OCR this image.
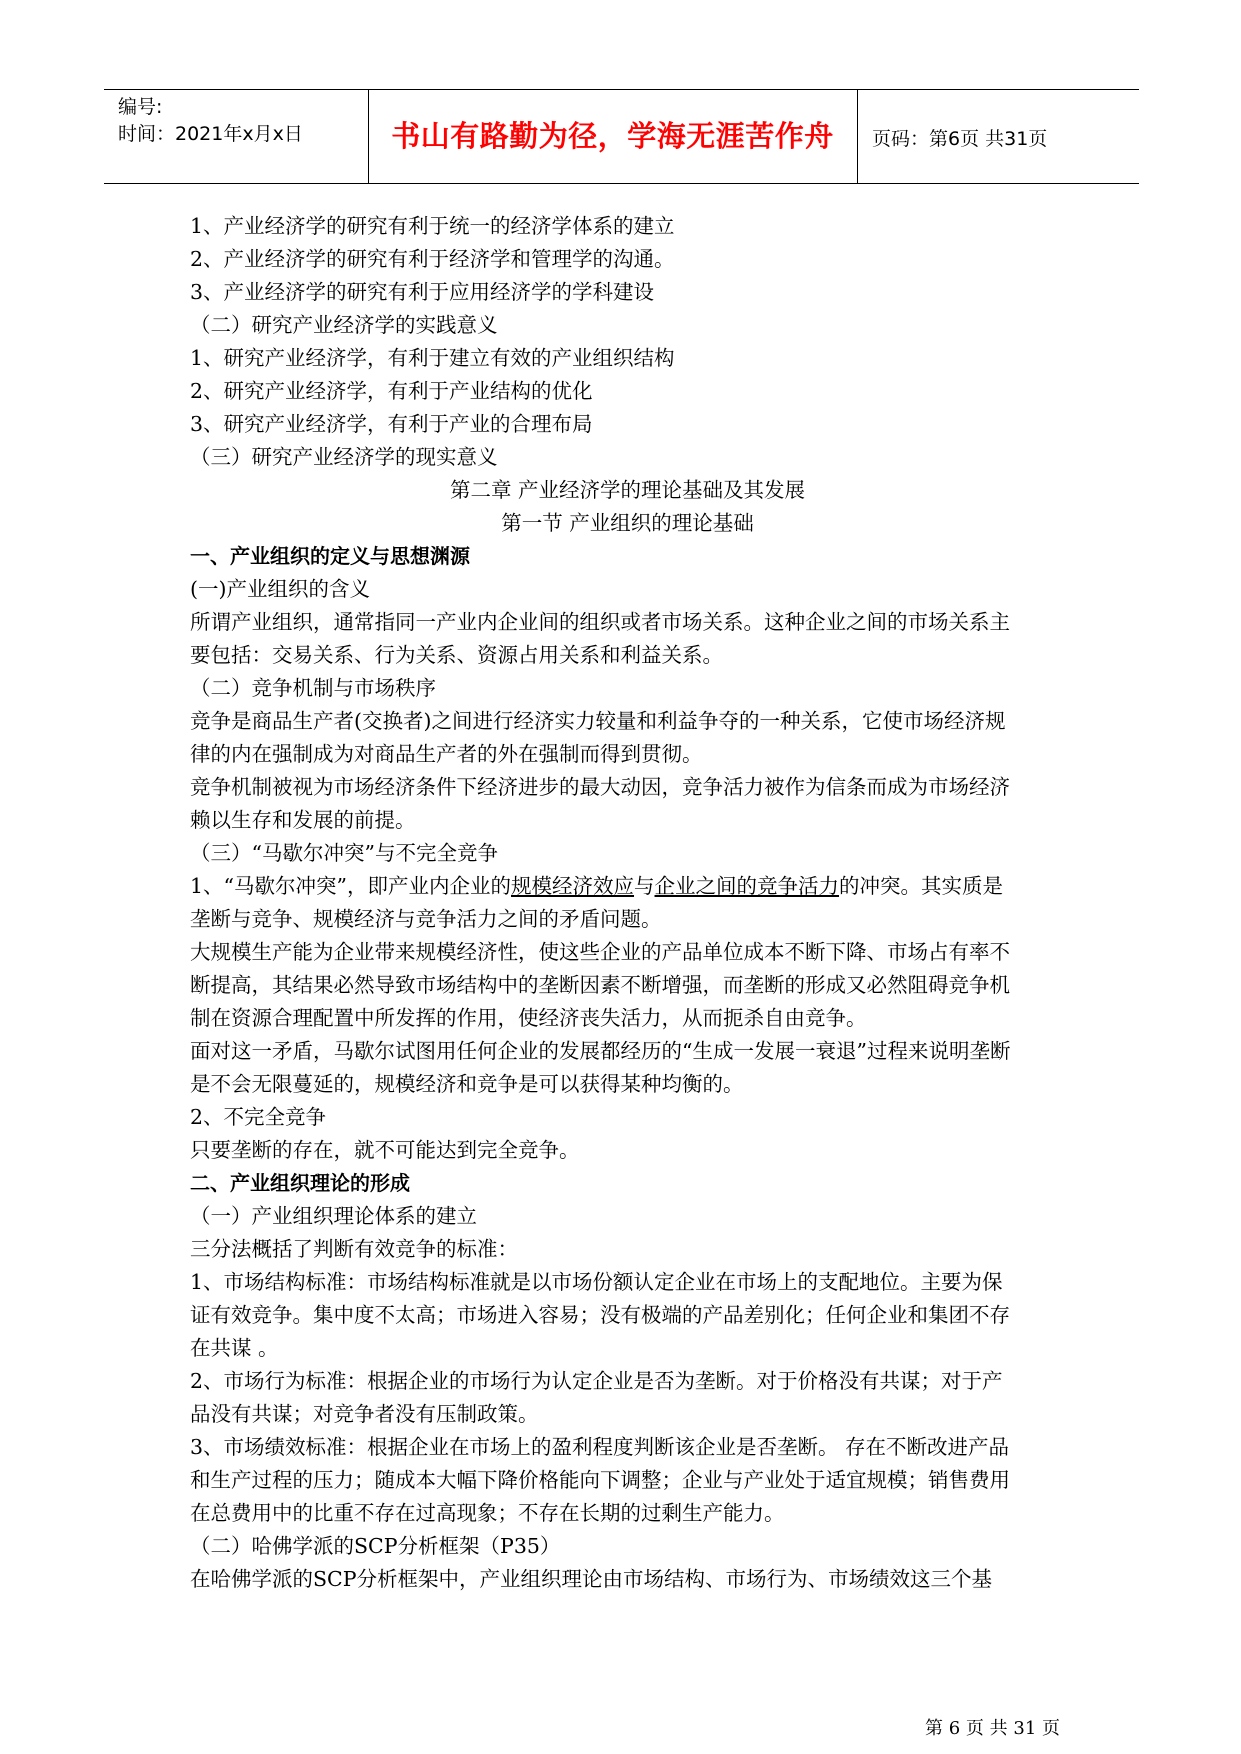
编号:
时间：2021年x月x日	书山有路勤为径，学海无涯苦作舟	页码：第6页 共31页
1、产业经济学的研究有利于统一的经济学体系的建立
2、产业经济学的研究有利于经济学和管理学的沟通。
3、产业经济学的研究有利于应用经济学的学科建设
（二）研究产业经济学的实践意义
1、研究产业经济学，有利于建立有效的产业组织结构
2、研究产业经济学，有利于产业结构的优化
3、研究产业经济学，有利于产业的合理布局
（三）研究产业经济学的现实意义
第二章 产业经济学的理论基础及其发展
第一节 产业组织的理论基础
一、产业组织的定义与思想渊源
(一)产业组织的含义
所谓产业组织，通常指同一产业内企业间的组织或者市场关系。这种企业之间的市场关系主
要包括：交易关系、行为关系、资源占用关系和利益关系。
（二）竞争机制与市场秩序
竞争是商品生产者(交换者)之间进行经济实力较量和利益争夺的一种关系，它使市场经济规
律的内在强制成为对商品生产者的外在强制而得到贯彻。
竞争机制被视为市场经济条件下经济进步的最大动因，竞争活力被作为信条而成为市场经济
赖以生存和发展的前提。
（三）“马歇尔冲突”与不完全竞争
1、“马歇尔冲突”，即产业内企业的规模经济效应与企业之间的竞争活力的冲突。其实质是
垄断与竞争、规模经济与竞争活力之间的矛盾问题。
大规模生产能为企业带来规模经济性，使这些企业的产品单位成本不断下降、市场占有率不
断提高，其结果必然导致市场结构中的垄断因素不断增强，而垄断的形成又必然阻碍竞争机
制在资源合理配置中所发挥的作用，使经济丧失活力，从而扼杀自由竞争。
面对这一矛盾，马歇尔试图用任何企业的发展都经历的“生成一发展一衰退”过程来说明垄断
是不会无限蔓延的，规模经济和竞争是可以获得某种均衡的。
2、不完全竞争
只要垄断的存在，就不可能达到完全竞争。
二、产业组织理论的形成
（一）产业组织理论体系的建立
三分法概括了判断有效竞争的标准：
1、市场结构标准：市场结构标准就是以市场份额认定企业在市场上的支配地位。主要为保
证有效竞争。集中度不太高；市场进入容易；没有极端的产品差别化；任何企业和集团不存
在共谋 。
2、市场行为标准：根据企业的市场行为认定企业是否为垄断。对于价格没有共谋；对于产
品没有共谋；对竞争者没有压制政策。
3、市场绩效标准：根据企业在市场上的盈利程度判断该企业是否垄断。 存在不断改进产品
和生产过程的压力；随成本大幅下降价格能向下调整；企业与产业处于适宜规模；销售费用
在总费用中的比重不存在过高现象；不存在长期的过剩生产能力。
（二）哈佛学派的SCP分析框架（P35）
在哈佛学派的SCP分析框架中，产业组织理论由市场结构、市场行为、市场绩效这三个基
第 6 页 共 31 页
